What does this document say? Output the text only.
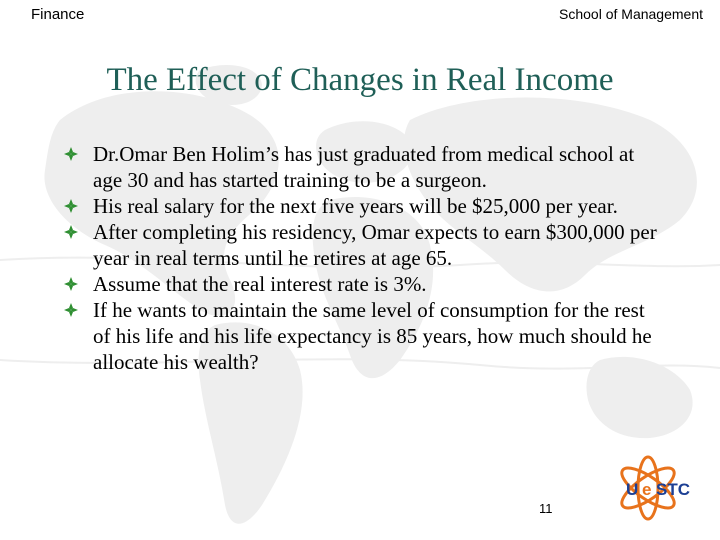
Finance	School of Management
The Effect of Changes in Real Income
Dr.Omar Ben Holim’s has just graduated from medical school at age 30 and has started training to be a surgeon.
His real salary for the next five years will be $25,000 per year.
After completing his residency, Omar expects to earn $300,000 per year in real terms until he retires at age 65.
Assume that the real interest rate is 3%.
If he wants to maintain the same level of consumption for the rest of his life and his life expectancy is 85 years, how much should he allocate his wealth?
11
U e STC
